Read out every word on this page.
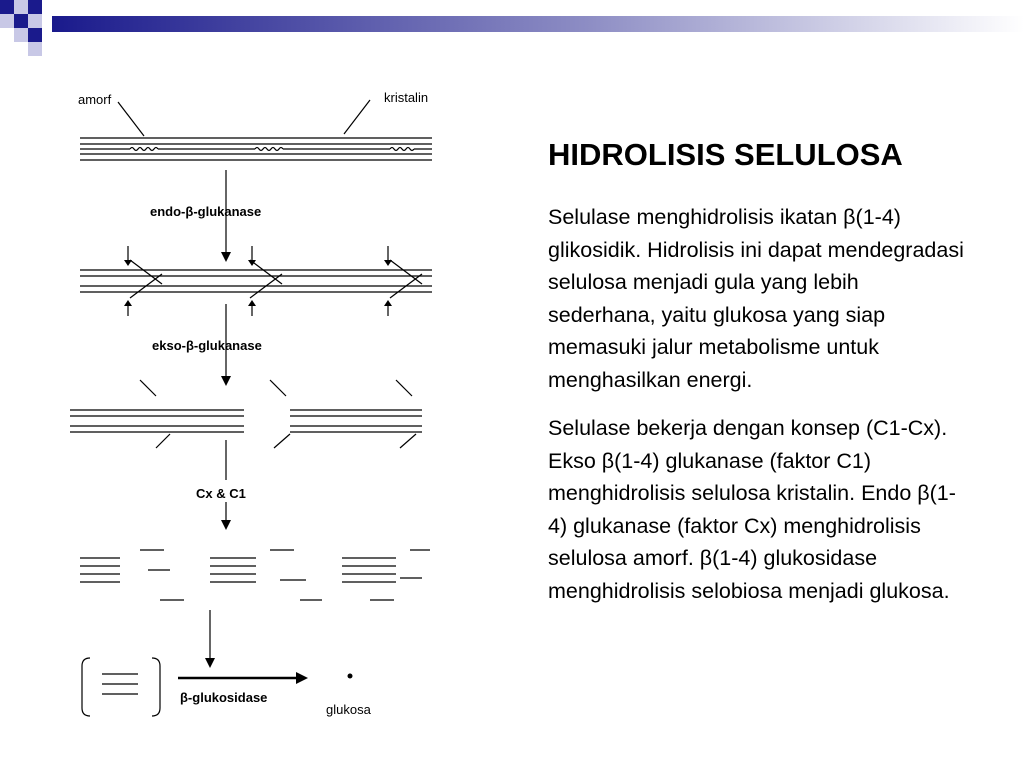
HIDROLISIS SELULOSA

Selulase menghidrolisis ikatan β(1-4) glikosidik. Hidrolisis ini dapat mendegradasi selulosa menjadi gula yang lebih sederhana, yaitu glukosa yang siap memasuki jalur metabolisme untuk menghasilkan energi.

Selulase bekerja dengan konsep (C1-Cx). Ekso β(1-4) glukanase (faktor C1) menghidrolisis selulosa kristalin. Endo β(1-4) glukanase (faktor Cx) menghidrolisis selulosa amorf. β(1-4) glukosidase menghidrolisis selobiosa menjadi glukosa.

amorf	kristalin
endo-β-glukanase
ekso-β-glukanase
Cx & C1
β-glukosidase
glukosa
